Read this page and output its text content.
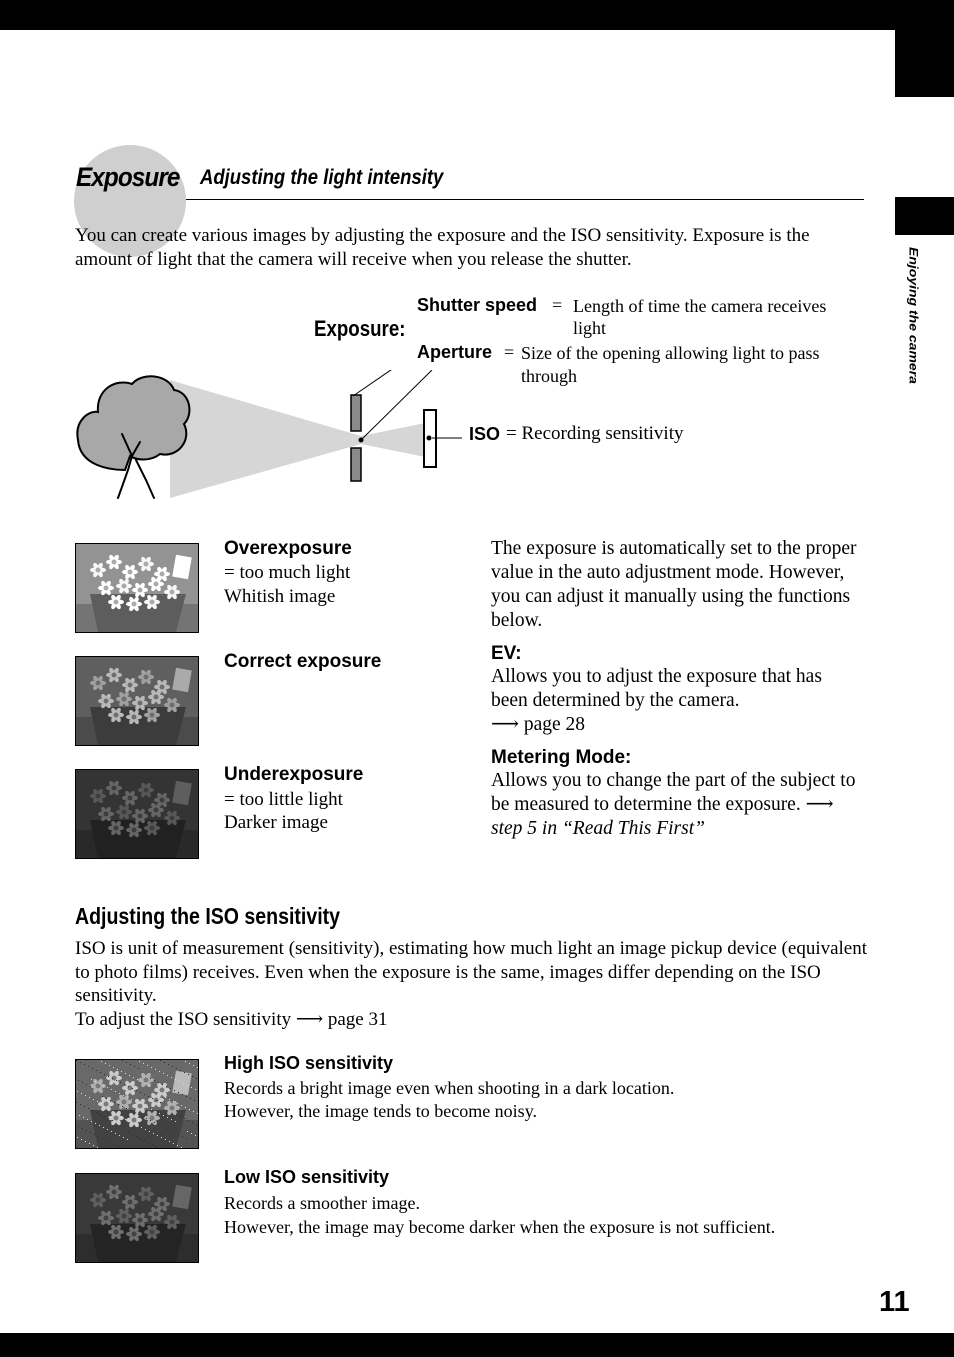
Enjoying the camera
Exposure Adjusting the light intensity
You can create various images by adjusting the exposure and the ISO sensitivity. Exposure is the amount of light that the camera will receive when you release the shutter.
Exposure:
Shutter speed = Length of time the camera receives light
Aperture = Size of the opening allowing light to pass through
ISO = Recording sensitivity
Overexposure
= too much light
Whitish image
Correct exposure
Underexposure
= too little light
Darker image
The exposure is automatically set to the proper value in the auto adjustment mode. However, you can adjust it manually using the functions below.
EV:
Allows you to adjust the exposure that has been determined by the camera.
⟶ page 28
Metering Mode:
Allows you to change the part of the subject to be measured to determine the exposure. ⟶ step 5 in “Read This First”
Adjusting the ISO sensitivity
ISO is unit of measurement (sensitivity), estimating how much light an image pickup device (equivalent to photo films) receives. Even when the exposure is the same, images differ depending on the ISO sensitivity.
To adjust the ISO sensitivity ⟶ page 31
High ISO sensitivity
Records a bright image even when shooting in a dark location.
However, the image tends to become noisy.
Low ISO sensitivity
Records a smoother image.
However, the image may become darker when the exposure is not sufficient.
11
